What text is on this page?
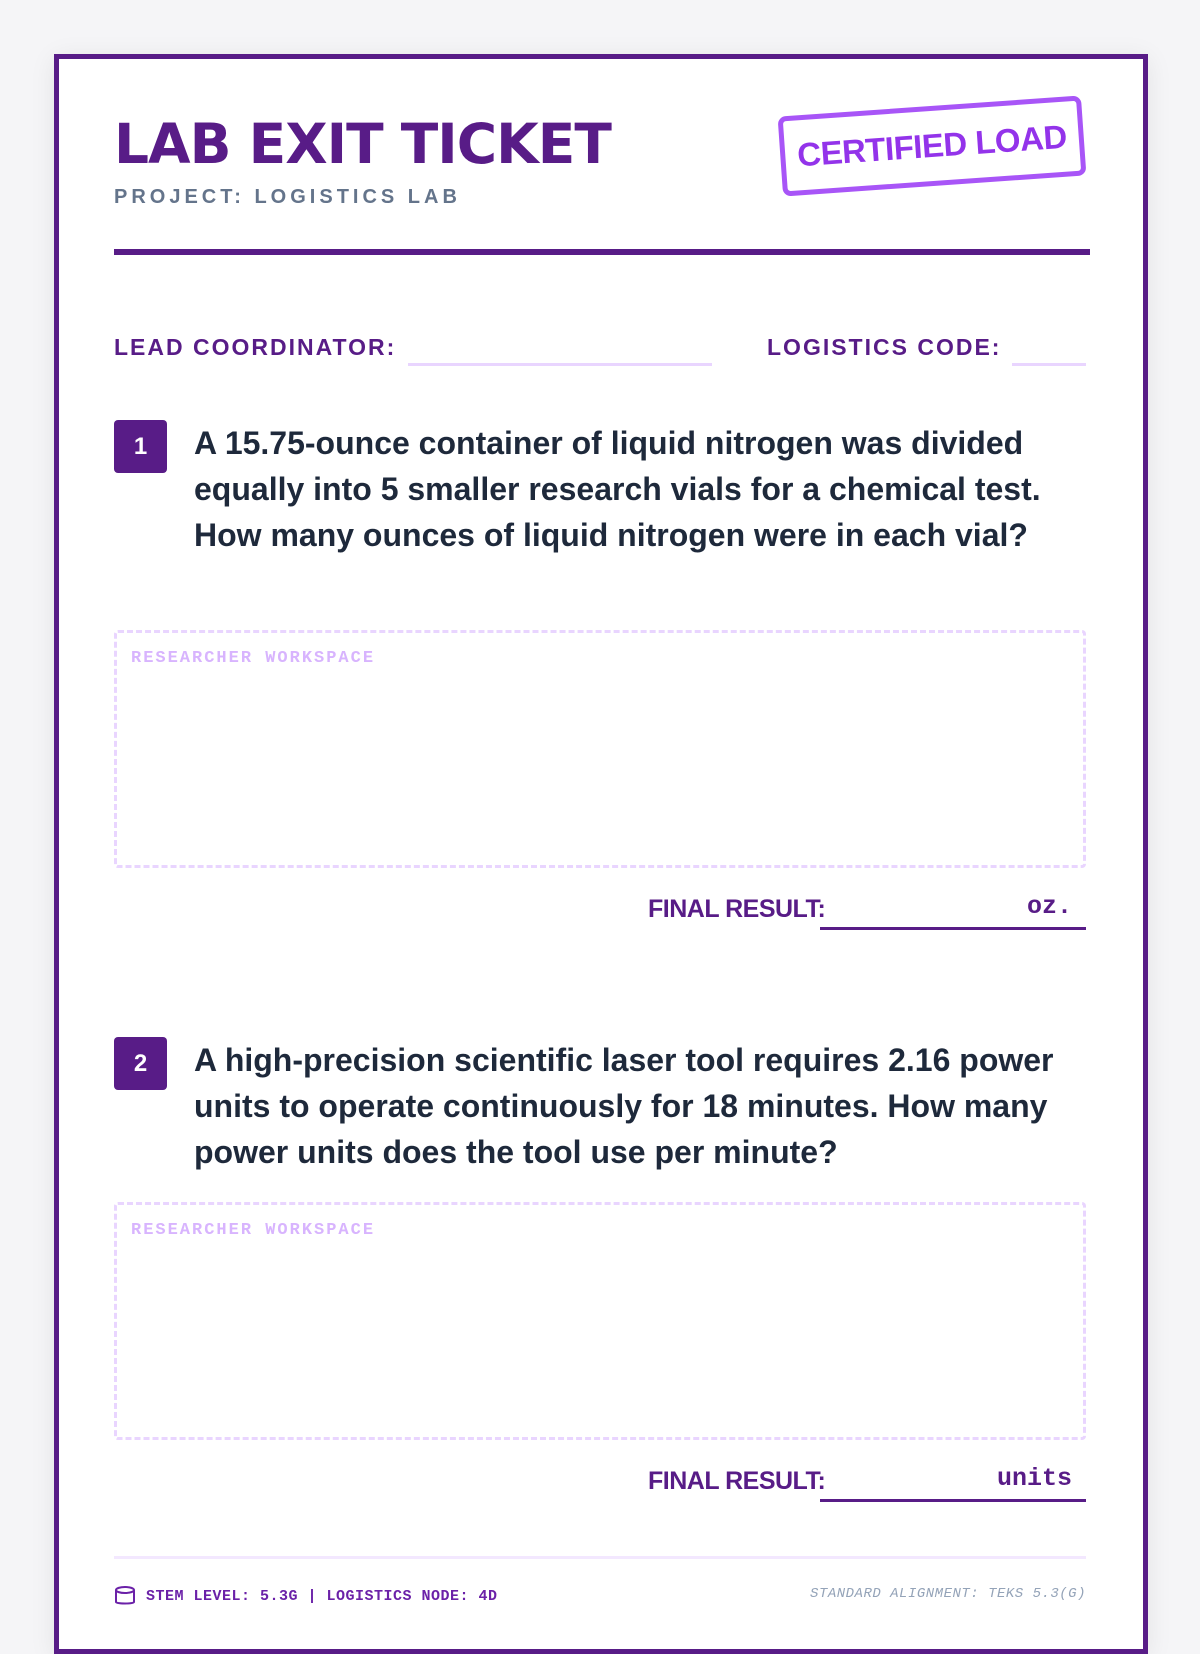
LAB EXIT TICKET
PROJECT: LOGISTICS LAB
CERTIFIED LOAD
LEAD COORDINATOR:	LOGISTICS CODE:
1	A 15.75-ounce container of liquid nitrogen was divided equally into 5 smaller research vials for a chemical test. How many ounces of liquid nitrogen were in each vial?
RESEARCHER WORKSPACE
FINAL RESULT:	oz.
2	A high-precision scientific laser tool requires 2.16 power units to operate continuously for 18 minutes. How many power units does the tool use per minute?
RESEARCHER WORKSPACE
FINAL RESULT:	units
STEM LEVEL: 5.3G | LOGISTICS NODE: 4D	STANDARD ALIGNMENT: TEKS 5.3(G)
